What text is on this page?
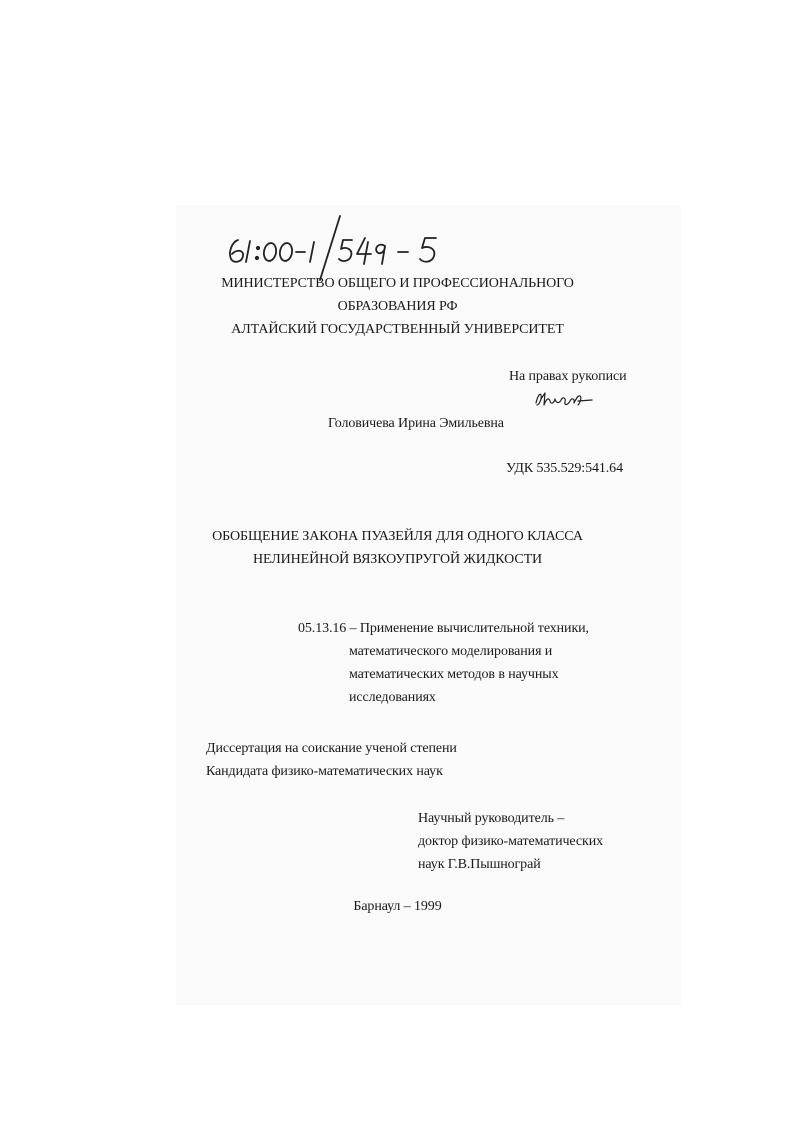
МИНИСТЕРСТВО ОБЩЕГО И ПРОФЕССИОНАЛЬНОГО
ОБРАЗОВАНИЯ РФ
АЛТАЙСКИЙ ГОСУДАРСТВЕННЫЙ УНИВЕРСИТЕТ
На правах рукописи
Головичева Ирина Эмильевна
УДК 535.529:541.64
ОБОБЩЕНИЕ ЗАКОНА ПУАЗЕЙЛЯ ДЛЯ ОДНОГО КЛАССА
НЕЛИНЕЙНОЙ ВЯЗКОУПРУГОЙ ЖИДКОСТИ
05.13.16 – Применение вычислительной техники,
математического моделирования и
математических методов в научных
исследованиях
Диссертация на соискание ученой степени
Кандидата физико-математических наук
Научный руководитель –
доктор физико-математических
наук Г.В.Пышнограй
Барнаул – 1999
